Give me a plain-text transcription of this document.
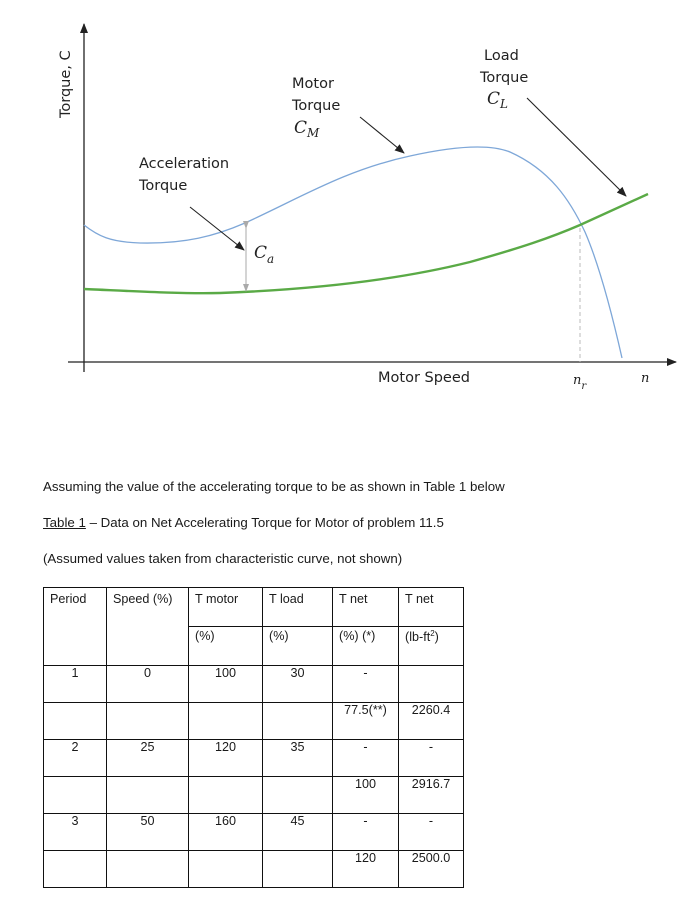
Torque, C	Motor
Torque
$C_M$
Load
Torque
$C_L$
Acceleration
Torque
$C_a$
Motor Speed	$n_r$
n
Assuming the value of the accelerating torque to be as shown in Table 1 below
Table 1 – Data on Net Accelerating Torque for Motor of problem 11.5
(Assumed values taken from characteristic curve, not shown)
Period	Speed (%)	T motor	T load	T net	T net
		(%)	(%)	(%) (*)	$(lb-ft^2)$
1	0	100	30	-	
				77.5(**)	2260.4
2	25	120	35	-	-
				100	2916.7
3	50	160	45	-	-
				120	2500.0
